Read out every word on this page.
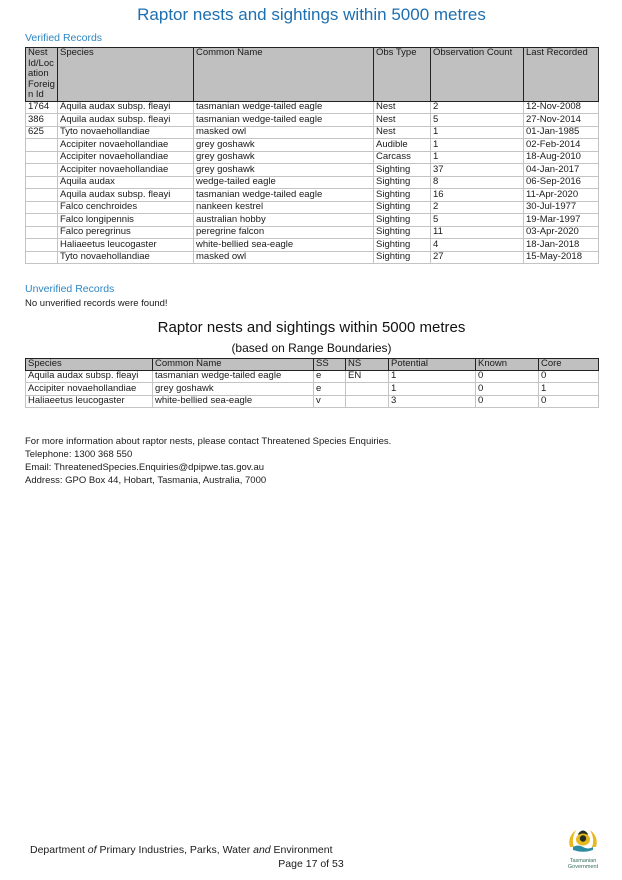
Raptor nests and sightings within 5000 metres
Verified Records
Nest Id/Location Foreign Id	Species	Common Name	Obs Type	Observation Count	Last Recorded
1764	Aquila audax subsp. fleayi	tasmanian wedge-tailed eagle	Nest	2	12-Nov-2008
386	Aquila audax subsp. fleayi	tasmanian wedge-tailed eagle	Nest	5	27-Nov-2014
625	Tyto novaehollandiae	masked owl	Nest	1	01-Jan-1985
	Accipiter novaehollandiae	grey goshawk	Audible	1	02-Feb-2014
	Accipiter novaehollandiae	grey goshawk	Carcass	1	18-Aug-2010
	Accipiter novaehollandiae	grey goshawk	Sighting	37	04-Jan-2017
	Aquila audax	wedge-tailed eagle	Sighting	8	06-Sep-2016
	Aquila audax subsp. fleayi	tasmanian wedge-tailed eagle	Sighting	16	11-Apr-2020
	Falco cenchroides	nankeen kestrel	Sighting	2	30-Jul-1977
	Falco longipennis	australian hobby	Sighting	5	19-Mar-1997
	Falco peregrinus	peregrine falcon	Sighting	11	03-Apr-2020
	Haliaeetus leucogaster	white-bellied sea-eagle	Sighting	4	18-Jan-2018
	Tyto novaehollandiae	masked owl	Sighting	27	15-May-2018
Unverified Records
No unverified records were found!
Raptor nests and sightings within 5000 metres
(based on Range Boundaries)
Species	Common Name	SS	NS	Potential	Known	Core
Aquila audax subsp. fleayi	tasmanian wedge-tailed eagle	e	EN	1	0	0
Accipiter novaehollandiae	grey goshawk	e		1	0	1
Haliaeetus leucogaster	white-bellied sea-eagle	v		3	0	0
For more information about raptor nests, please contact Threatened Species Enquiries.
Telephone: 1300 368 550
Email: ThreatenedSpecies.Enquiries@dpipwe.tas.gov.au
Address: GPO Box 44, Hobart, Tasmania, Australia, 7000
Department of Primary Industries, Parks, Water and Environment
Page 17 of 53	Tasmanian
Government
